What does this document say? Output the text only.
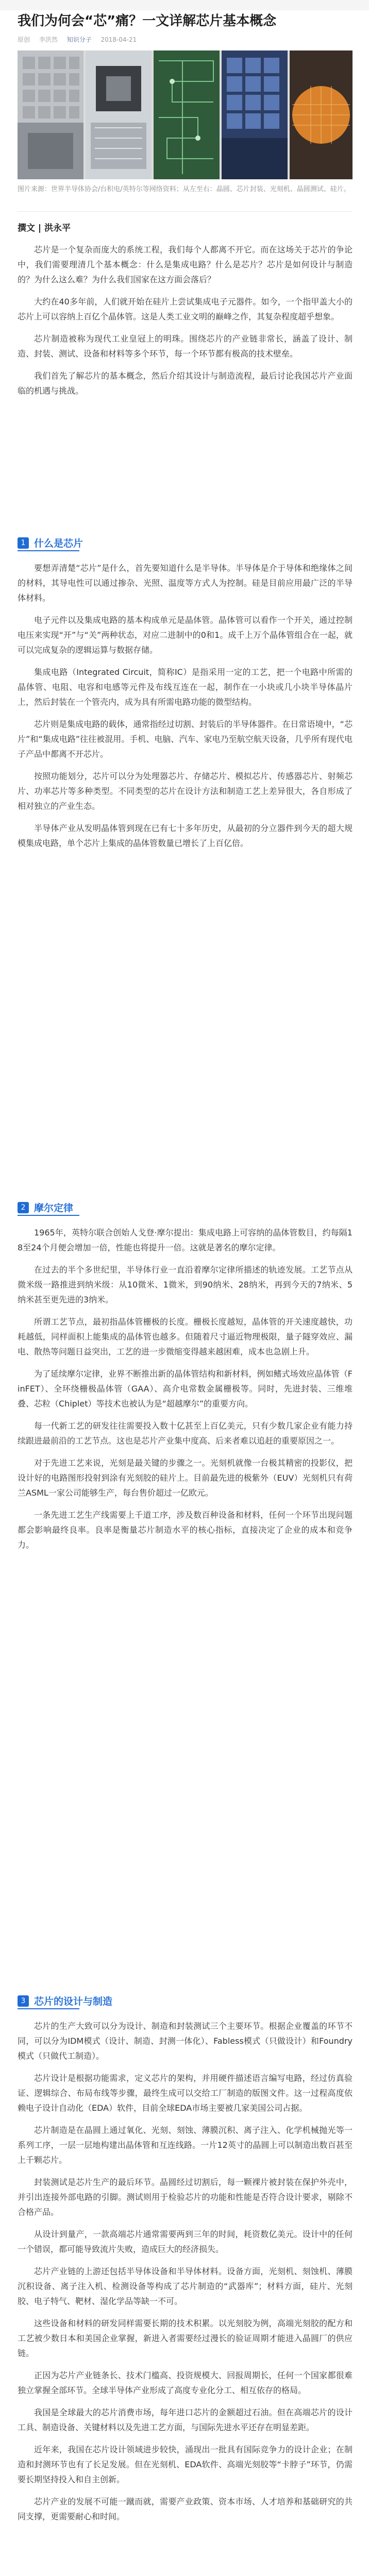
我们为何会“芯”痛？一文详解芯片基本概念
原创 李洪然 知识分子 2018-04-21
图片来源：世界半导体协会/台积电/英特尔等网络资料；从左至右：晶圆、芯片封装、光刻机、晶圆测试、硅片。
撰文 | 洪永平

芯片是一个复杂而庞大的系统工程，我们每个人都离不开它。而在这场关于芯片的争论中，我们需要理清几个基本概念：什么是集成电路？什么是芯片？芯片是如何设计与制造的？为什么这么难？为什么我们国家在这方面会落后？

大约在40多年前，人们就开始在硅片上尝试集成电子元器件。如今，一个指甲盖大小的芯片上可以容纳上百亿个晶体管。这是人类工业文明的巅峰之作，其复杂程度超乎想象。

芯片制造被称为现代工业皇冠上的明珠。围绕芯片的产业链非常长，涵盖了设计、制造、封装、测试、设备和材料等多个环节，每一个环节都有极高的技术壁垒。

我们首先了解芯片的基本概念，然后介绍其设计与制造流程，最后讨论我国芯片产业面临的机遇与挑战。

1 什么是芯片

要想弄清楚“芯片”是什么，首先要知道什么是半导体。半导体是介于导体和绝缘体之间的材料，其导电性可以通过掺杂、光照、温度等方式人为控制。硅是目前应用最广泛的半导体材料。

电子元件以及集成电路的基本构成单元是晶体管。晶体管可以看作一个开关，通过控制电压来实现“开”与“关”两种状态，对应二进制中的0和1。成千上万个晶体管组合在一起，就可以完成复杂的逻辑运算与数据存储。

集成电路（Integrated Circuit，简称IC）是指采用一定的工艺，把一个电路中所需的晶体管、电阻、电容和电感等元件及布线互连在一起，制作在一小块或几小块半导体晶片上，然后封装在一个管壳内，成为具有所需电路功能的微型结构。

芯片则是集成电路的载体，通常指经过切割、封装后的半导体器件。在日常语境中，“芯片”和“集成电路”往往被混用。手机、电脑、汽车、家电乃至航空航天设备，几乎所有现代电子产品中都离不开芯片。

按照功能划分，芯片可以分为处理器芯片、存储芯片、模拟芯片、传感器芯片、射频芯片、功率芯片等多种类型。不同类型的芯片在设计方法和制造工艺上差异很大，各自形成了相对独立的产业生态。

半导体产业从发明晶体管到现在已有七十多年历史，从最初的分立器件到今天的超大规模集成电路，单个芯片上集成的晶体管数量已增长了上百亿倍。

2 摩尔定律

1965年，英特尔联合创始人戈登·摩尔提出：集成电路上可容纳的晶体管数目，约每隔18至24个月便会增加一倍，性能也将提升一倍。这就是著名的摩尔定律。

在过去的半个多世纪里，半导体行业一直沿着摩尔定律所描述的轨迹发展。工艺节点从微米级一路推进到纳米级：从10微米、1微米，到90纳米、28纳米，再到今天的7纳米、5纳米甚至更先进的3纳米。

所谓工艺节点，最初指晶体管栅极的长度。栅极长度越短，晶体管的开关速度越快，功耗越低，同样面积上能集成的晶体管也越多。但随着尺寸逼近物理极限，量子隧穿效应、漏电、散热等问题日益突出，工艺的进一步微缩变得越来越困难，成本也急剧上升。

为了延续摩尔定律，业界不断推出新的晶体管结构和新材料，例如鳍式场效应晶体管（FinFET）、全环绕栅极晶体管（GAA）、高介电常数金属栅极等。同时，先进封装、三维堆叠、芯粒（Chiplet）等技术也被认为是“超越摩尔”的重要方向。

每一代新工艺的研发往往需要投入数十亿甚至上百亿美元，只有少数几家企业有能力持续跟进最前沿的工艺节点。这也是芯片产业集中度高、后来者难以追赶的重要原因之一。

对于先进工艺来说，光刻是最关键的步骤之一。光刻机就像一台极其精密的投影仪，把设计好的电路图形投射到涂有光刻胶的硅片上。目前最先进的极紫外（EUV）光刻机只有荷兰ASML一家公司能够生产，每台售价超过一亿欧元。

一条先进工艺生产线需要上千道工序，涉及数百种设备和材料，任何一个环节出现问题都会影响最终良率。良率是衡量芯片制造水平的核心指标，直接决定了企业的成本和竞争力。

3 芯片的设计与制造

芯片的生产大致可以分为设计、制造和封装测试三个主要环节。根据企业覆盖的环节不同，可以分为IDM模式（设计、制造、封测一体化）、Fabless模式（只做设计）和Foundry模式（只做代工制造）。

芯片设计是根据功能需求，定义芯片的架构，并用硬件描述语言编写电路，经过仿真验证、逻辑综合、布局布线等步骤，最终生成可以交给工厂制造的版图文件。这一过程高度依赖电子设计自动化（EDA）软件，目前全球EDA市场主要被几家美国公司占据。

芯片制造是在晶圆上通过氧化、光刻、刻蚀、薄膜沉积、离子注入、化学机械抛光等一系列工序，一层一层地构建出晶体管和互连线路。一片12英寸的晶圆上可以制造出数百甚至上千颗芯片。

封装测试是芯片生产的最后环节。晶圆经过切割后，每一颗裸片被封装在保护外壳中，并引出连接外部电路的引脚。测试则用于检验芯片的功能和性能是否符合设计要求，剔除不合格产品。

从设计到量产，一款高端芯片通常需要两到三年的时间，耗资数亿美元。设计中的任何一个错误，都可能导致流片失败，造成巨大的经济损失。

芯片产业链的上游还包括半导体设备和半导体材料。设备方面，光刻机、刻蚀机、薄膜沉积设备、离子注入机、检测设备等构成了芯片制造的“武器库”；材料方面，硅片、光刻胶、电子特气、靶材、湿化学品等缺一不可。

这些设备和材料的研发同样需要长期的技术积累。以光刻胶为例，高端光刻胶的配方和工艺被少数日本和美国企业掌握，新进入者需要经过漫长的验证周期才能进入晶圆厂的供应链。

正因为芯片产业链条长、技术门槛高、投资规模大、回报周期长，任何一个国家都很难独立掌握全部环节。全球半导体产业形成了高度专业化分工、相互依存的格局。

我国是全球最大的芯片消费市场，每年进口芯片的金额超过石油。但在高端芯片的设计工具、制造设备、关键材料以及先进工艺方面，与国际先进水平还存在明显差距。

近年来，我国在芯片设计领域进步较快，涌现出一批具有国际竞争力的设计企业；在制造和封测环节也有了长足发展。但在光刻机、EDA软件、高端光刻胶等“卡脖子”环节，仍需要长期坚持投入和自主创新。

芯片产业的发展不可能一蹴而就，需要产业政策、资本市场、人才培养和基础研究的共同支撑，更需要耐心和时间。
